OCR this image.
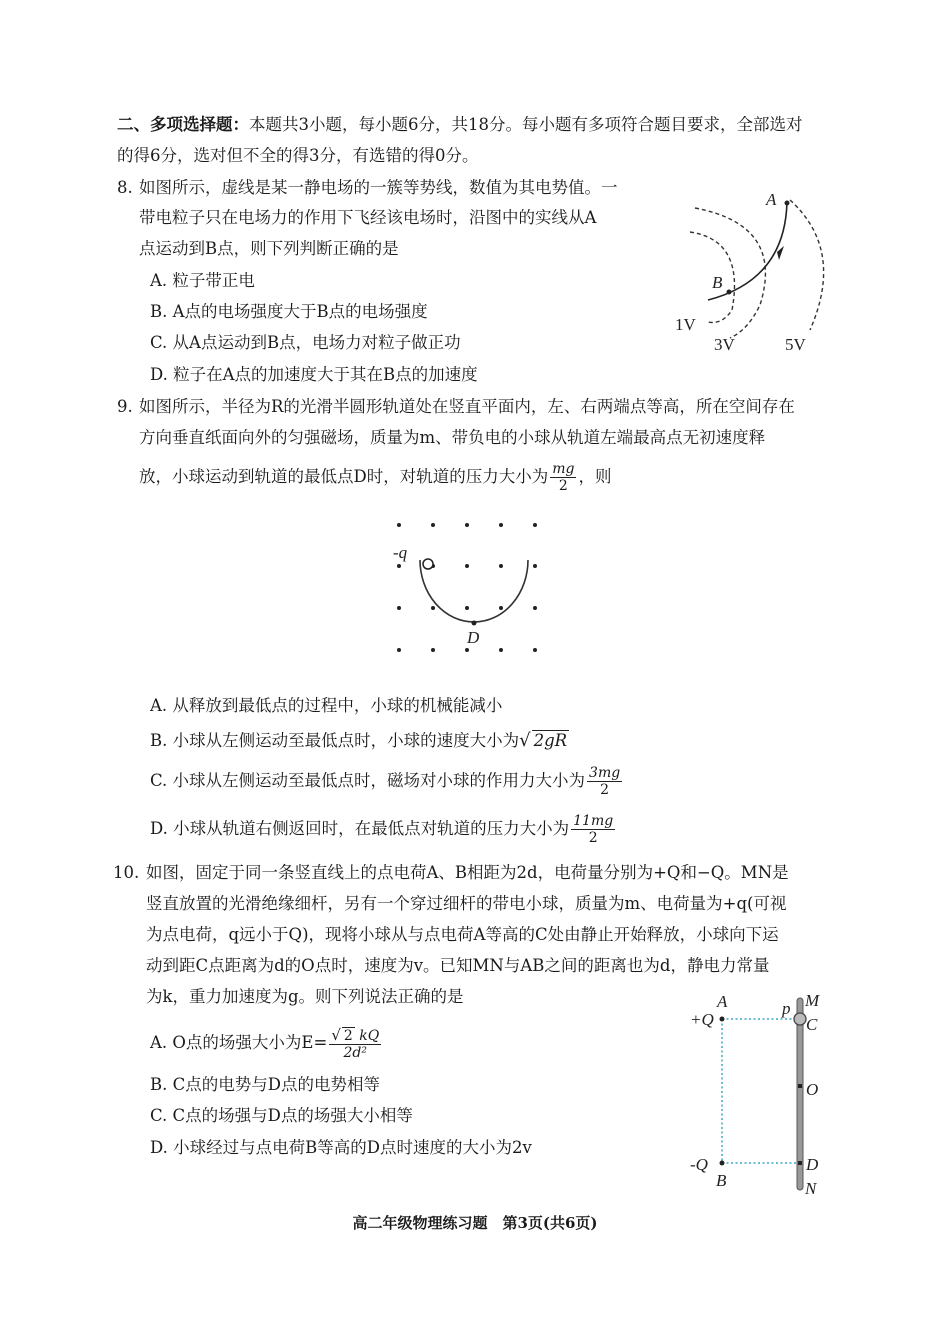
二、多项选择题：本题共3小题，每小题6分，共18分。每小题有多项符合题目要求，全部选对
的得6分，选对但不全的得3分，有选错的得0分。
8. 如图所示，虚线是某一静电场的一簇等势线，数值为其电势值。一
带电粒子只在电场力的作用下飞经该电场时，沿图中的实线从A
点运动到B点，则下列判断正确的是
A. 粒子带正电
B. A点的电场强度大于B点的电场强度
C. 从A点运动到B点，电场力对粒子做正功
D. 粒子在A点的加速度大于其在B点的加速度
A
B
1V
3V	5V
9. 如图所示，半径为R的光滑半圆形轨道处在竖直平面内，左、右两端点等高，所在空间存在
方向垂直纸面向外的匀强磁场，质量为m、带负电的小球从轨道左端最高点无初速度释
放，小球运动到轨道的最低点D时，对轨道的压力大小为 $\frac{mg}{2}$ ，则
-q
D
A. 从释放到最低点的过程中，小球的机械能减小
B. 小球从左侧运动至最低点时，小球的速度大小为√ 2gR
C. 小球从左侧运动至最低点时，磁场对小球的作用力大小为 $\frac{3mg}{2}$
D. 小球从轨道右侧返回时，在最低点对轨道的压力大小为 $\frac{11mg}{2}$
10. 如图，固定于同一条竖直线上的点电荷A、B相距为2d，电荷量分别为+Q和−Q。MN是
竖直放置的光滑绝缘细杆，另有一个穿过细杆的带电小球，质量为m、电荷量为+q(可视
为点电荷，q远小于Q)，现将小球从与点电荷A等高的C处由静止开始释放，小球向下运
动到距C点距离为d的O点时，速度为v。已知MN与AB之间的距离也为d，静电力常量
为k，重力加速度为g。则下列说法正确的是
A. O点的场强大小为$E= \frac{√ 2 kQ}{\text{2d²}}$
B. C点的电势与D点的电势相等
C. C点的场强与D点的场强大小相等
D. 小球经过与点电荷B等高的D点时速度的大小为2v
+Q
A
-Q
B
p M
C
O
D
N
高二年级物理练习题　第3页(共6页)
